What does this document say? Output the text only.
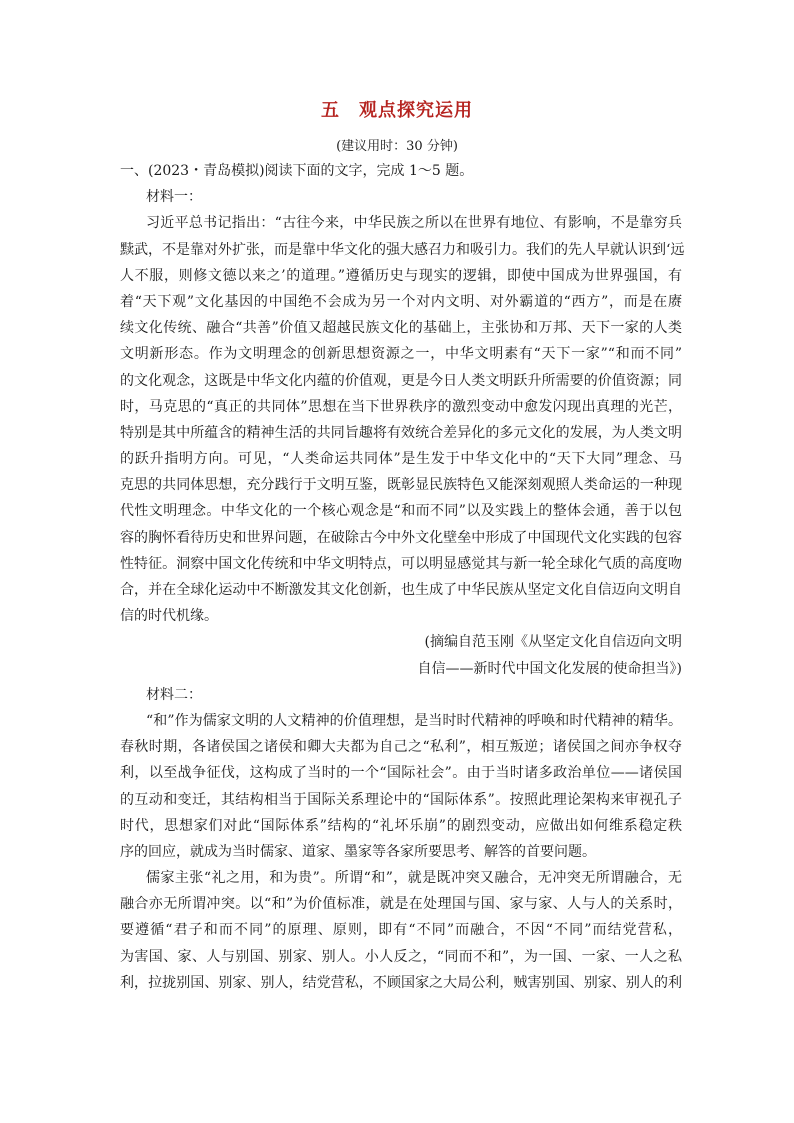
五　观点探究运用
(建议用时：30 分钟)
一、(2023・青岛模拟)阅读下面的文字，完成 1～5 题。
材料一：
习近平总书记指出：“古往今来，中华民族之所以在世界有地位、有影响，不是靠穷兵
黩武，不是靠对外扩张，而是靠中华文化的强大感召力和吸引力。我们的先人早就认识到‘远
人不服，则修文德以来之’的道理。”遵循历史与现实的逻辑，即使中国成为世界强国，有
着“天下观”文化基因的中国绝不会成为另一个对内文明、对外霸道的“西方”，而是在赓
续文化传统、融合“共善”价值又超越民族文化的基础上，主张协和万邦、天下一家的人类
文明新形态。作为文明理念的创新思想资源之一，中华文明素有“天下一家”“和而不同”
的文化观念，这既是中华文化内蕴的价值观，更是今日人类文明跃升所需要的价值资源；同
时，马克思的“真正的共同体”思想在当下世界秩序的激烈变动中愈发闪现出真理的光芒，
特别是其中所蕴含的精神生活的共同旨趣将有效统合差异化的多元文化的发展，为人类文明
的跃升指明方向。可见，“人类命运共同体”是生发于中华文化中的“天下大同”理念、马
克思的共同体思想，充分践行于文明互鉴，既彰显民族特色又能深刻观照人类命运的一种现
代性文明理念。中华文化的一个核心观念是“和而不同”以及实践上的整体会通，善于以包
容的胸怀看待历史和世界问题，在破除古今中外文化壁垒中形成了中国现代文化实践的包容
性特征。洞察中国文化传统和中华文明特点，可以明显感觉其与新一轮全球化气质的高度吻
合，并在全球化运动中不断激发其文化创新，也生成了中华民族从坚定文化自信迈向文明自
信的时代机缘。
(摘编自范玉刚《从坚定文化自信迈向文明
自信——新时代中国文化发展的使命担当》)
材料二：
“和”作为儒家文明的人文精神的价值理想，是当时时代精神的呼唤和时代精神的精华。
春秋时期，各诸侯国之诸侯和卿大夫都为自己之“私利”，相互叛逆；诸侯国之间亦争权夺
利，以至战争征伐，这构成了当时的一个“国际社会”。由于当时诸多政治单位——诸侯国
的互动和变迁，其结构相当于国际关系理论中的“国际体系”。按照此理论架构来审视孔子
时代，思想家们对此“国际体系”结构的“礼坏乐崩”的剧烈变动，应做出如何维系稳定秩
序的回应，就成为当时儒家、道家、墨家等各家所要思考、解答的首要问题。
儒家主张“礼之用，和为贵”。所谓“和”，就是既冲突又融合，无冲突无所谓融合，无
融合亦无所谓冲突。以“和”为价值标准，就是在处理国与国、家与家、人与人的关系时，
要遵循“君子和而不同”的原理、原则，即有“不同”而融合，不因“不同”而结党营私，
为害国、家、人与别国、别家、别人。小人反之，“同而不和”，为一国、一家、一人之私
利，拉拢别国、别家、别人，结党营私，不顾国家之大局公利，贼害别国、别家、别人的利
